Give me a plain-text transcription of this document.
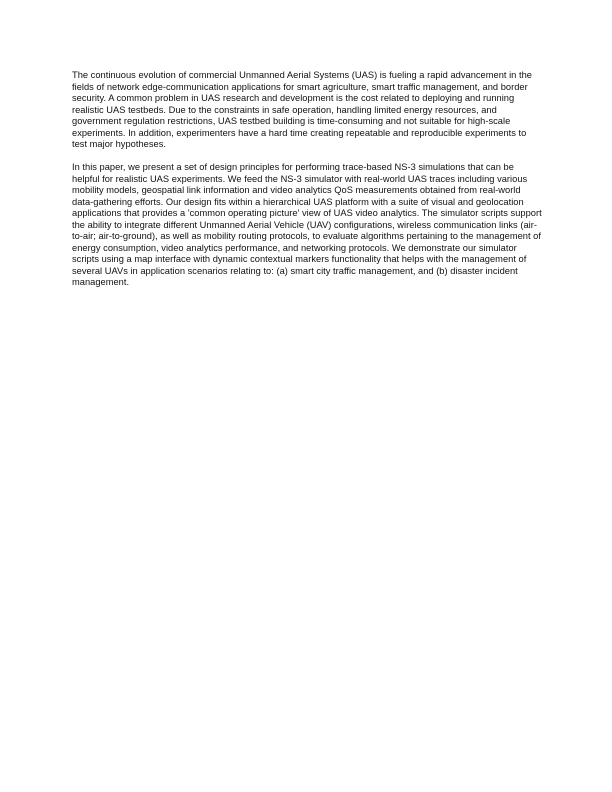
The continuous evolution of commercial Unmanned Aerial Systems (UAS) is fueling a rapid advancement in the fields of network edge-communication applications for smart agriculture, smart traffic management, and border security. A common problem in UAS research and development is the cost related to deploying and running realistic UAS testbeds. Due to the constraints in safe operation, handling limited energy resources, and government regulation restrictions, UAS testbed building is time-consuming and not suitable for high-scale experiments. In addition, experimenters have a hard time creating repeatable and reproducible experiments to test major hypotheses.

In this paper, we present a set of design principles for performing trace-based NS-3 simulations that can be helpful for realistic UAS experiments. We feed the NS-3 simulator with real-world UAS traces including various mobility models, geospatial link information and video analytics QoS measurements obtained from real-world data-gathering efforts. Our design fits within a hierarchical UAS platform with a suite of visual and geolocation applications that provides a 'common operating picture' view of UAS video analytics. The simulator scripts support the ability to integrate different Unmanned Aerial Vehicle (UAV) configurations, wireless communication links (air-to-air; air-to-ground), as well as mobility routing protocols, to evaluate algorithms pertaining to the management of energy consumption, video analytics performance, and networking protocols. We demonstrate our simulator scripts using a map interface with dynamic contextual markers functionality that helps with the management of several UAVs in application scenarios relating to: (a) smart city traffic management, and (b) disaster incident management.
